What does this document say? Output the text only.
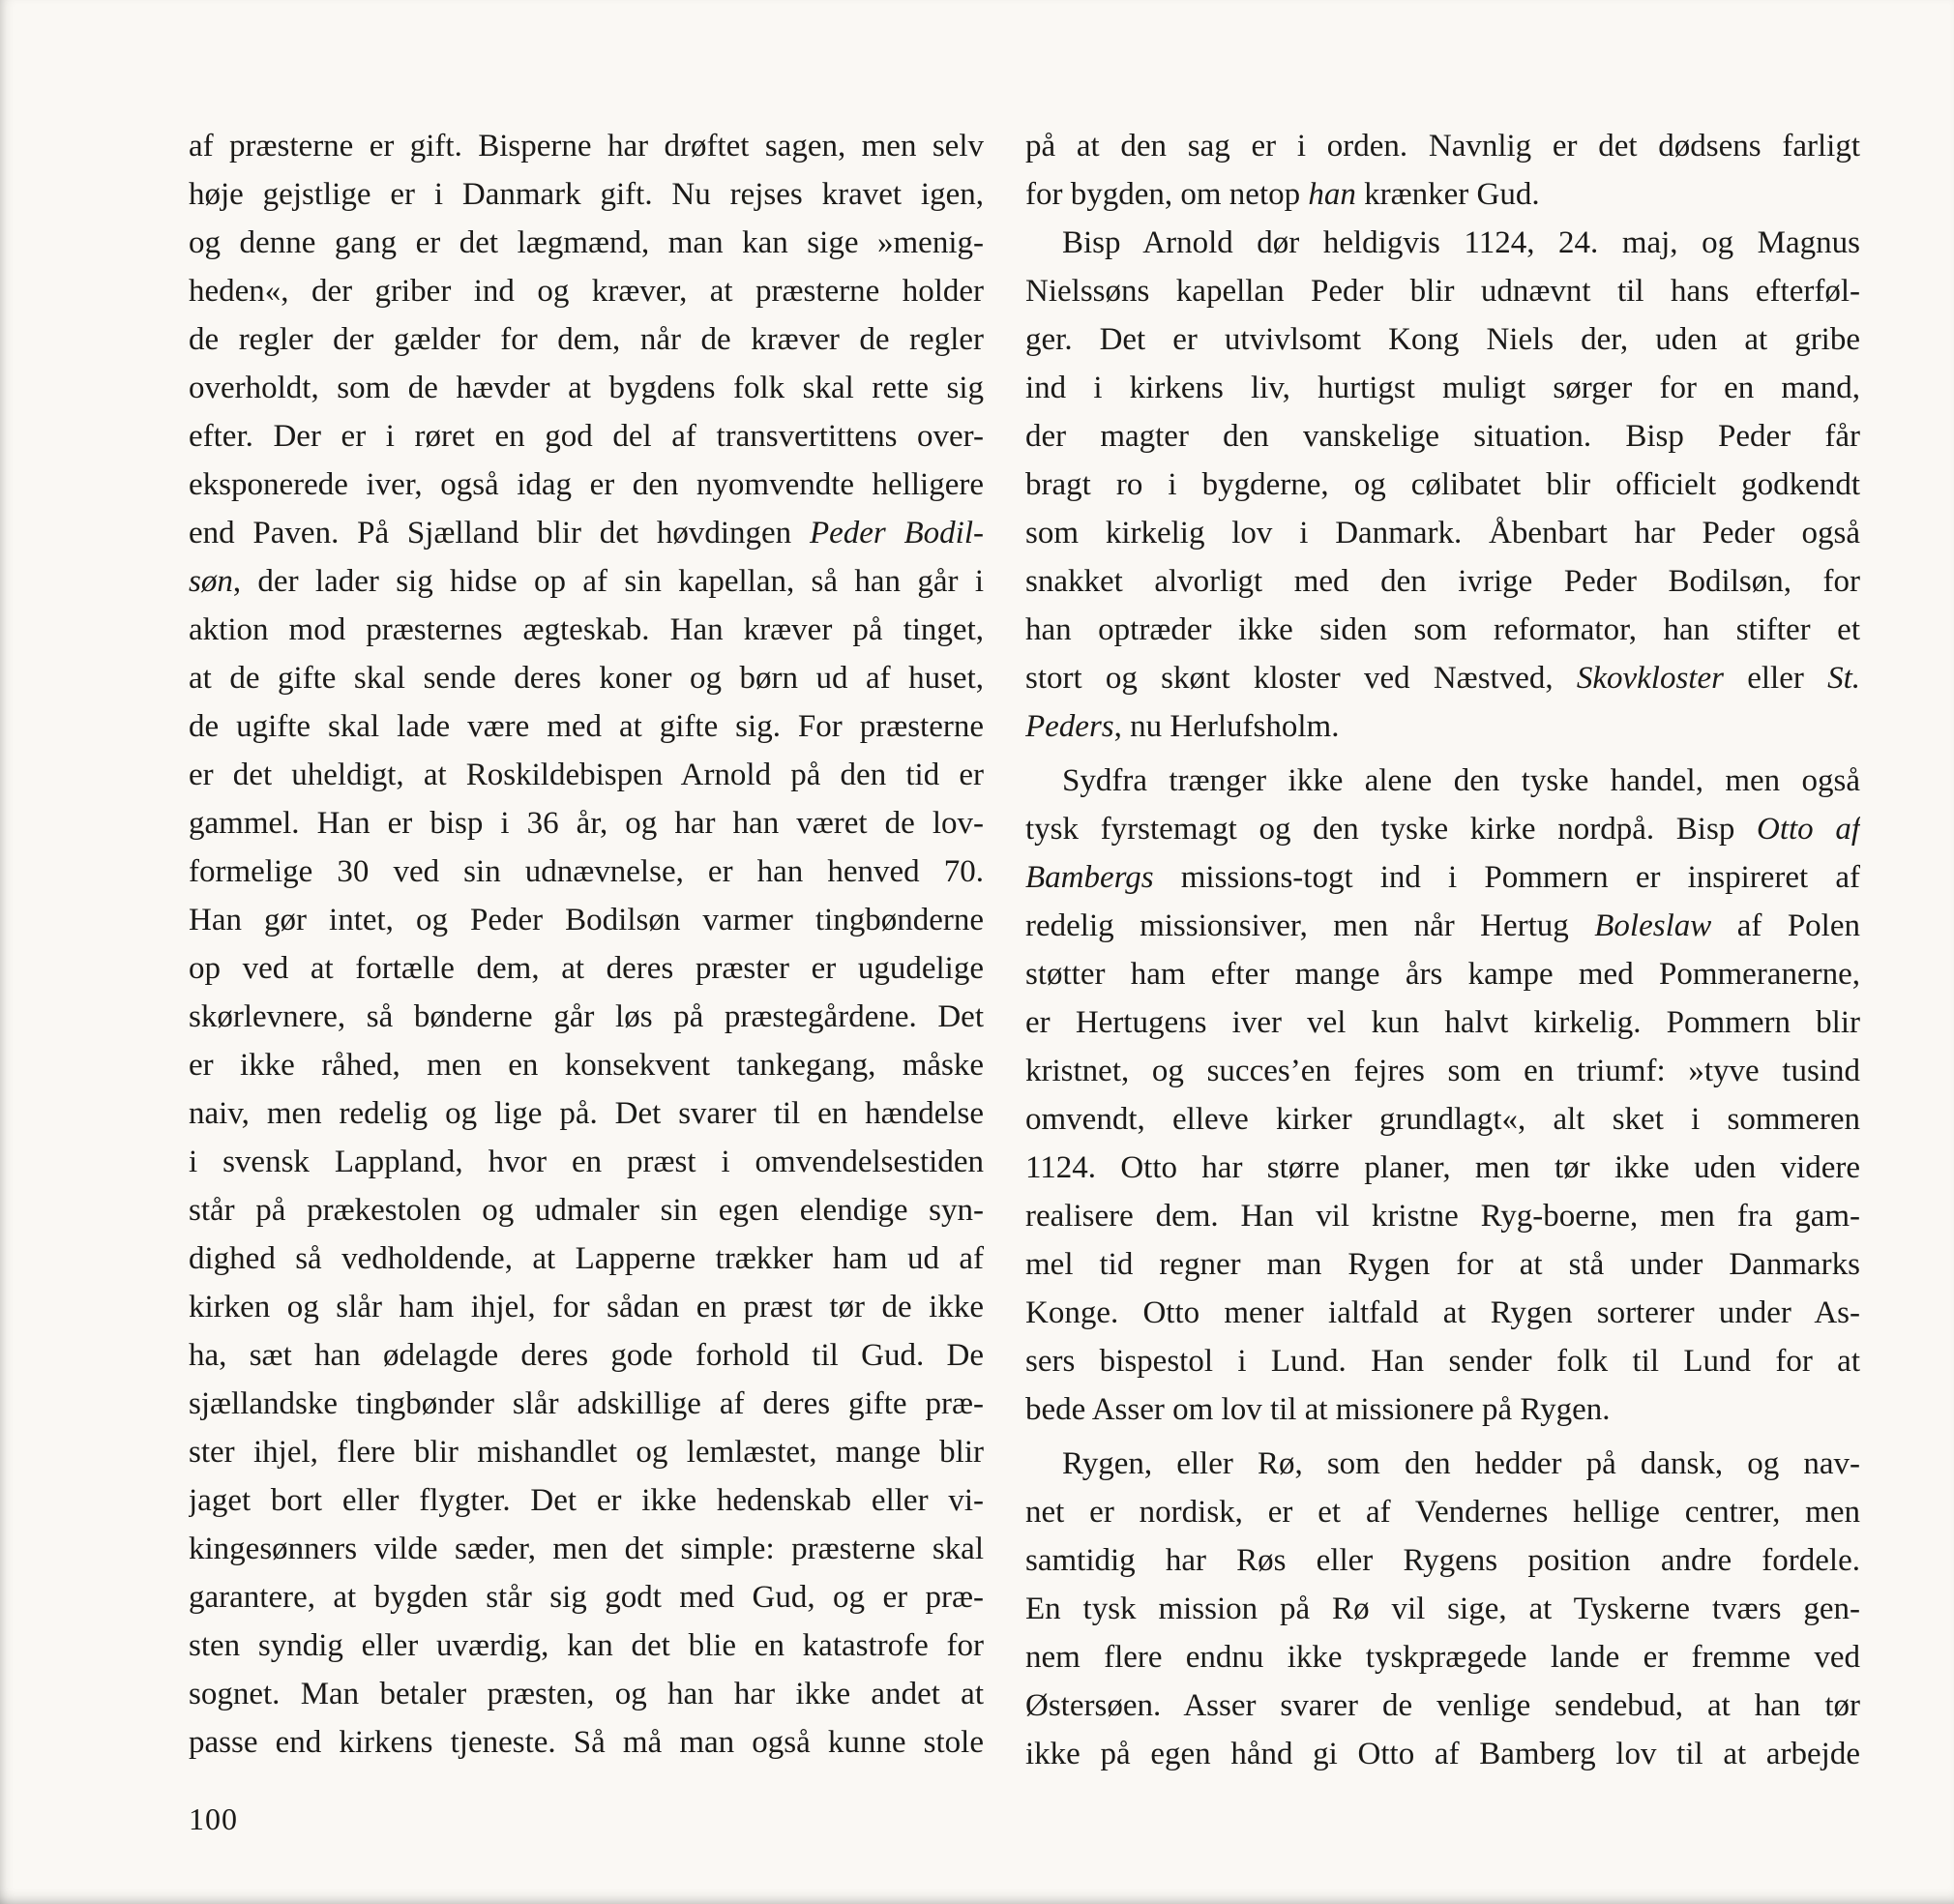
af præsterne er gift. Bisperne har drøftet sagen, men selv
høje gejstlige er i Danmark gift. Nu rejses kravet igen,
og denne gang er det lægmænd, man kan sige »menig-
heden«, der griber ind og kræver, at præsterne holder
de regler der gælder for dem, når de kræver de regler
overholdt, som de hævder at bygdens folk skal rette sig
efter. Der er i røret en god del af transvertittens over-
eksponerede iver, også idag er den nyomvendte helligere
end Paven. På Sjælland blir det høvdingen Peder Bodil-
søn, der lader sig hidse op af sin kapellan, så han går i
aktion mod præsternes ægteskab. Han kræver på tinget,
at de gifte skal sende deres koner og børn ud af huset,
de ugifte skal lade være med at gifte sig. For præsterne
er det uheldigt, at Roskildebispen Arnold på den tid er
gammel. Han er bisp i 36 år, og har han været de lov-
formelige 30 ved sin udnævnelse, er han henved 70.
Han gør intet, og Peder Bodilsøn varmer tingbønderne
op ved at fortælle dem, at deres præster er ugudelige
skørlevnere, så bønderne går løs på præstegårdene. Det
er ikke råhed, men en konsekvent tankegang, måske
naiv, men redelig og lige på. Det svarer til en hændelse
i svensk Lappland, hvor en præst i omvendelsestiden
står på prækestolen og udmaler sin egen elendige syn-
dighed så vedholdende, at Lapperne trækker ham ud af
kirken og slår ham ihjel, for sådan en præst tør de ikke
ha, sæt han ødelagde deres gode forhold til Gud. De
sjællandske tingbønder slår adskillige af deres gifte præ-
ster ihjel, flere blir mishandlet og lemlæstet, mange blir
jaget bort eller flygter. Det er ikke hedenskab eller vi-
kingesønners vilde sæder, men det simple: præsterne skal
garantere, at bygden står sig godt med Gud, og er præ-
sten syndig eller uværdig, kan det blie en katastrofe for
sognet. Man betaler præsten, og han har ikke andet at
passe end kirkens tjeneste. Så må man også kunne stole
på at den sag er i orden. Navnlig er det dødsens farligt
for bygden, om netop han krænker Gud.
Bisp Arnold dør heldigvis 1124, 24. maj, og Magnus
Nielssøns kapellan Peder blir udnævnt til hans efterføl-
ger. Det er utvivlsomt Kong Niels der, uden at gribe
ind i kirkens liv, hurtigst muligt sørger for en mand,
der magter den vanskelige situation. Bisp Peder får
bragt ro i bygderne, og cølibatet blir officielt godkendt
som kirkelig lov i Danmark. Åbenbart har Peder også
snakket alvorligt med den ivrige Peder Bodilsøn, for
han optræder ikke siden som reformator, han stifter et
stort og skønt kloster ved Næstved, Skovkloster eller St.
Peders, nu Herlufsholm.
Sydfra trænger ikke alene den tyske handel, men også
tysk fyrstemagt og den tyske kirke nordpå. Bisp Otto af
Bambergs missions-togt ind i Pommern er inspireret af
redelig missionsiver, men når Hertug Boleslaw af Polen
støtter ham efter mange års kampe med Pommeranerne,
er Hertugens iver vel kun halvt kirkelig. Pommern blir
kristnet, og succes’en fejres som en triumf: »tyve tusind
omvendt, elleve kirker grundlagt«, alt sket i sommeren
1124. Otto har større planer, men tør ikke uden videre
realisere dem. Han vil kristne Ryg-boerne, men fra gam-
mel tid regner man Rygen for at stå under Danmarks
Konge. Otto mener ialtfald at Rygen sorterer under As-
sers bispestol i Lund. Han sender folk til Lund for at
bede Asser om lov til at missionere på Rygen.
Rygen, eller Rø, som den hedder på dansk, og nav-
net er nordisk, er et af Vendernes hellige centrer, men
samtidig har Røs eller Rygens position andre fordele.
En tysk mission på Rø vil sige, at Tyskerne tværs gen-
nem flere endnu ikke tyskprægede lande er fremme ved
Østersøen. Asser svarer de venlige sendebud, at han tør
ikke på egen hånd gi Otto af Bamberg lov til at arbejde
100
